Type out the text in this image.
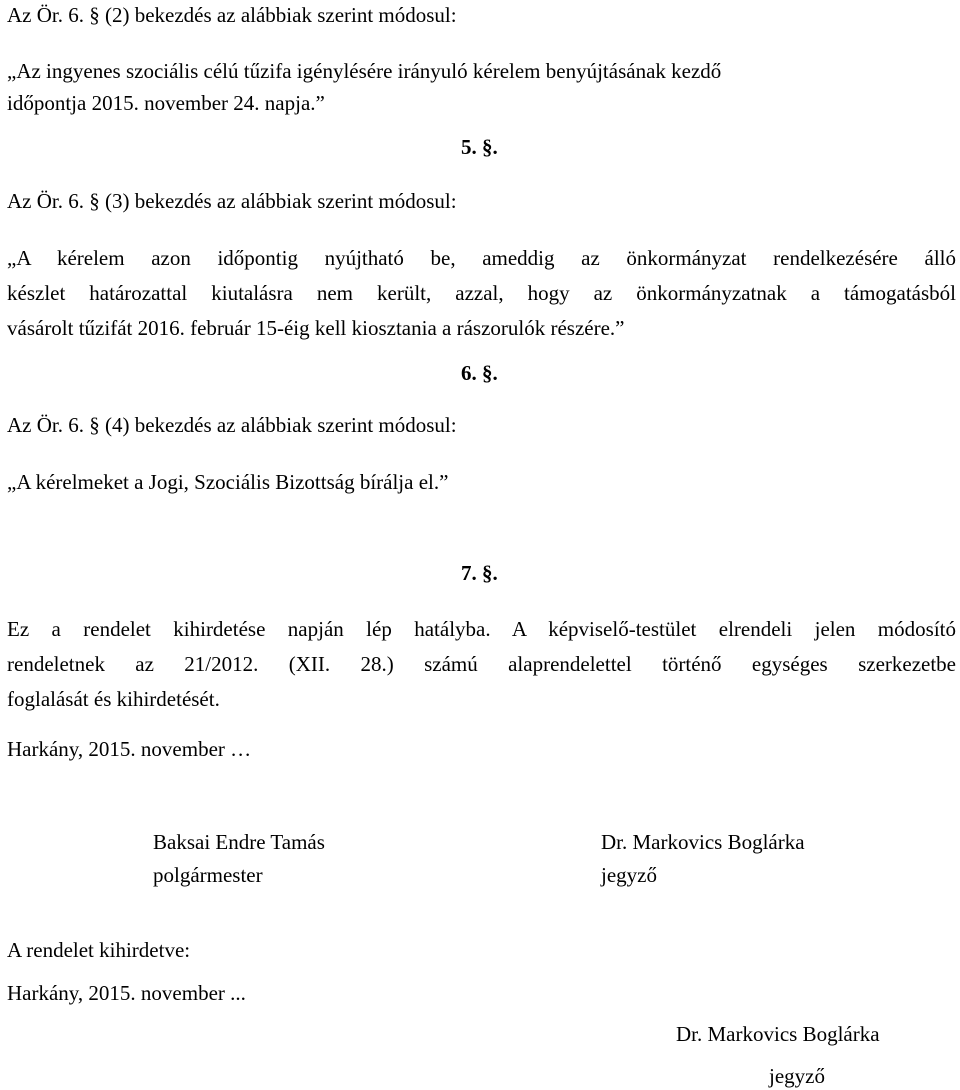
Az Ör. 6. § (2) bekezdés az alábbiak szerint módosul:
„Az ingyenes szociális célú tűzifa igénylésére irányuló kérelem benyújtásának kezdő
időpontja 2015. november 24. napja.”
5. §.
Az Ör. 6. § (3) bekezdés az alábbiak szerint módosul:
„A kérelem azon időpontig nyújtható be, ameddig az önkormányzat rendelkezésére álló
készlet határozattal kiutalásra nem került, azzal, hogy az önkormányzatnak a támogatásból
vásárolt tűzifát 2016. február 15-éig kell kiosztania a rászorulók részére.”
6. §.
Az Ör. 6. § (4) bekezdés az alábbiak szerint módosul:
„A kérelmeket a Jogi, Szociális Bizottság bírálja el.”
7. §.
Ez a rendelet kihirdetése napján lép hatályba. A képviselő-testület elrendeli jelen módosító
rendeletnek az 21/2012. (XII. 28.) számú alaprendelettel történő egységes szerkezetbe
foglalását és kihirdetését.
Harkány, 2015. november …
Baksai Endre Tamás
polgármester
Dr. Markovics Boglárka
jegyző
A rendelet kihirdetve:
Harkány, 2015. november ...
Dr. Markovics Boglárka
jegyző
